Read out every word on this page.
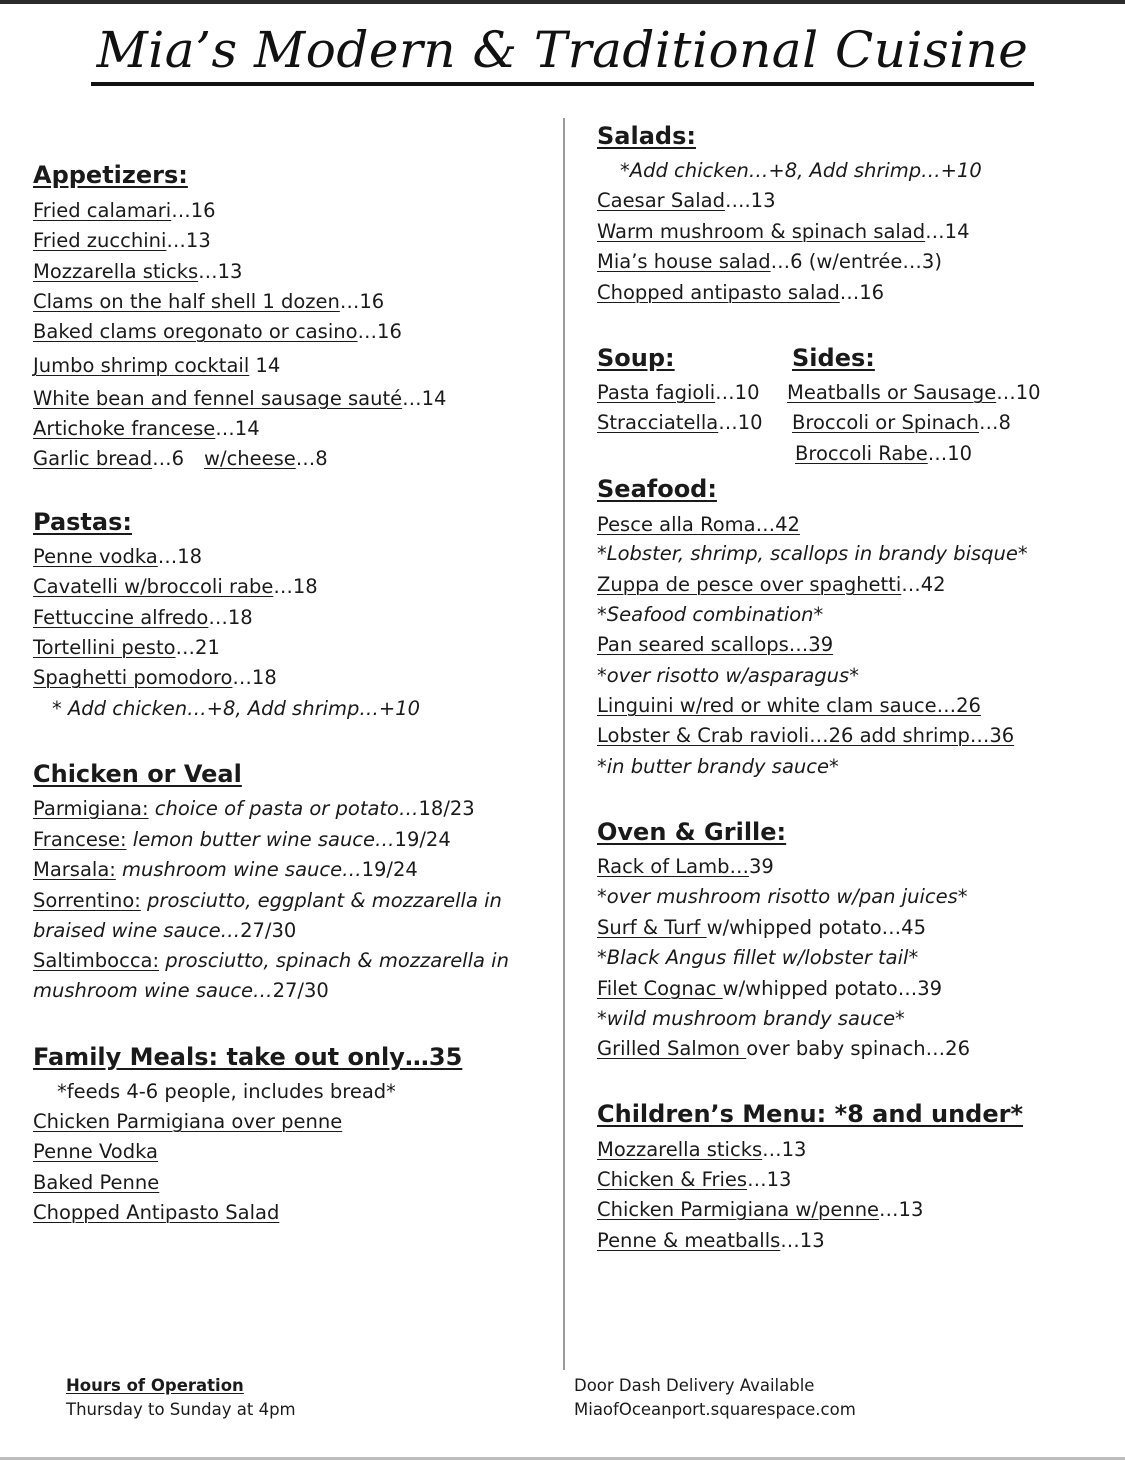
Mia’s Modern & Traditional Cuisine
Appetizers:
Fried calamari…16
Fried zucchini…13
Mozzarella sticks…13
Clams on the half shell 1 dozen…16
Baked clams oregonato or casino…16
Jumbo shrimp cocktail 14
White bean and fennel sausage sauté…14
Artichoke francese…14
Garlic bread…6 w/cheese…8
Pastas:
Penne vodka…18
Cavatelli w/broccoli rabe…18
Fettuccine alfredo…18
Tortellini pesto…21
Spaghetti pomodoro…18
* Add chicken…+8, Add shrimp…+10
Chicken or Veal
Parmigiana: choice of pasta or potato…18/23
Francese: lemon butter wine sauce…19/24
Marsala: mushroom wine sauce…19/24
Sorrentino: prosciutto, eggplant & mozzarella in
braised wine sauce…27/30
Saltimbocca: prosciutto, spinach & mozzarella in
mushroom wine sauce…27/30
Family Meals: take out only…35
*feeds 4-6 people, includes bread*
Chicken Parmigiana over penne
Penne Vodka
Baked Penne
Chopped Antipasto Salad
Salads:
*Add chicken…+8, Add shrimp…+10
Caesar Salad….13
Warm mushroom & spinach salad…14
Mia’s house salad…6 (w/entrée…3)
Chopped antipasto salad…16
Soup:	Sides:
Pasta fagioli…10
Stracciatella…10
Meatballs or Sausage…10
Broccoli or Spinach…8
Broccoli Rabe…10
Seafood:
Pesce alla Roma…42
*Lobster, shrimp, scallops in brandy bisque*
Zuppa de pesce over spaghetti…42
*Seafood combination*
Pan seared scallops…39
*over risotto w/asparagus*
Linguini w/red or white clam sauce…26
Lobster & Crab ravioli…26 add shrimp…36
*in butter brandy sauce*
Oven & Grille:
Rack of Lamb…39
*over mushroom risotto w/pan juices*
Surf & Turf w/whipped potato…45
*Black Angus fillet w/lobster tail*
Filet Cognac w/whipped potato…39
*wild mushroom brandy sauce*
Grilled Salmon over baby spinach…26
Children’s Menu: *8 and under*
Mozzarella sticks…13
Chicken & Fries…13
Chicken Parmigiana w/penne…13
Penne & meatballs…13
Hours of Operation
Thursday to Sunday at 4pm
Door Dash Delivery Available
MiaofOceanport.squarespace.com
